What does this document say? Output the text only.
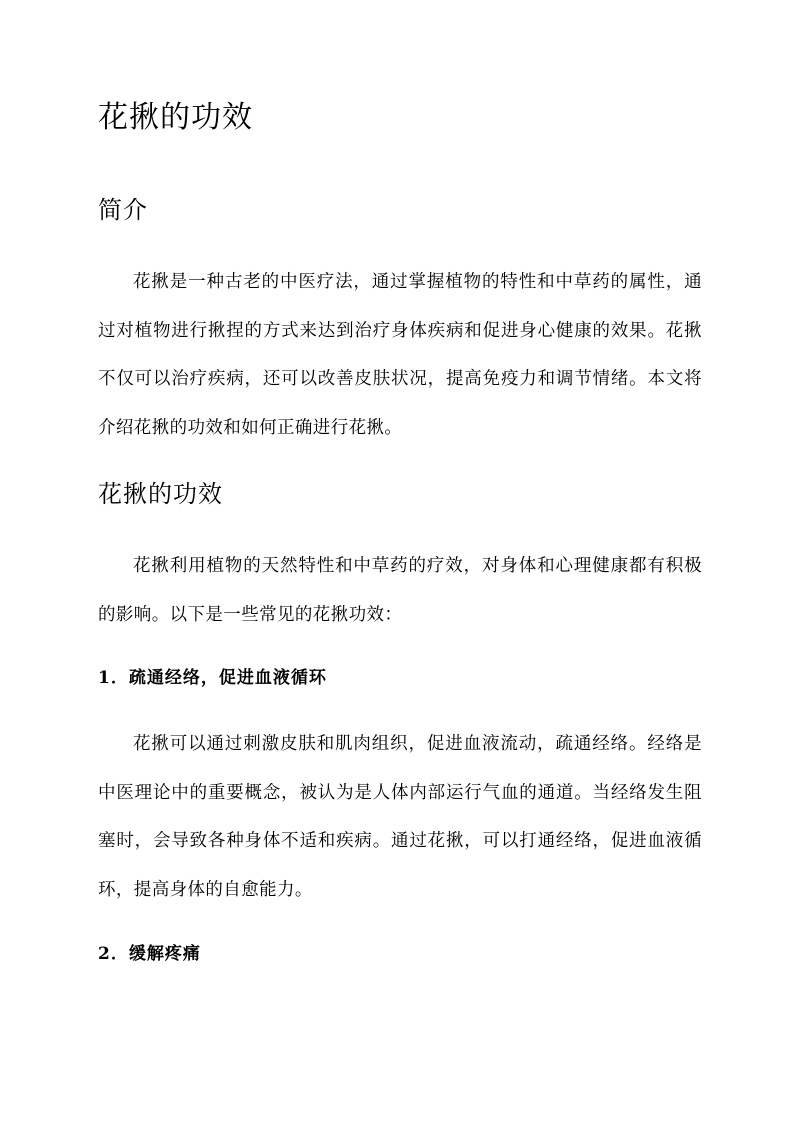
花揪的功效
简介

花揪是一种古老的中医疗法，通过掌握植物的特性和中草药的属性，通过对植物进行揪捏的方式来达到治疗身体疾病和促进身心健康的效果。花揪不仅可以治疗疾病，还可以改善皮肤状况，提高免疫力和调节情绪。本文将介绍花揪的功效和如何正确进行花揪。

花揪的功效

花揪利用植物的天然特性和中草药的疗效，对身体和心理健康都有积极的影响。以下是一些常见的花揪功效：

1．疏通经络，促进血液循环

花揪可以通过刺激皮肤和肌肉组织，促进血液流动，疏通经络。经络是中医理论中的重要概念，被认为是人体内部运行气血的通道。当经络发生阻塞时，会导致各种身体不适和疾病。通过花揪，可以打通经络，促进血液循环，提高身体的自愈能力。

2．缓解疼痛
